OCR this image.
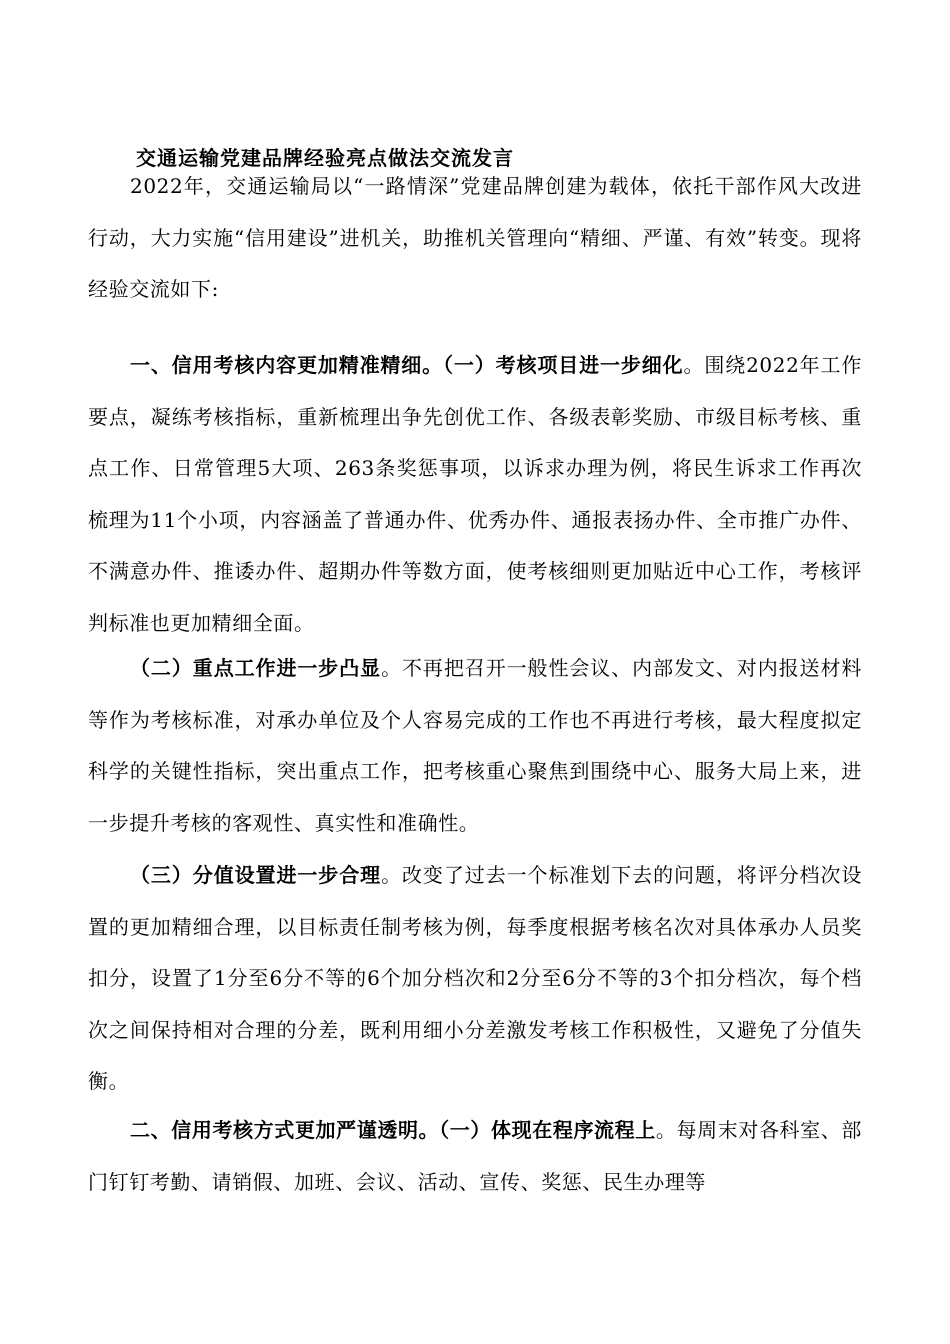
交通运输党建品牌经验亮点做法交流发言

2022年，交通运输局以“一路情深”党建品牌创建为载体，依托干部作风大改进行动，大力实施“信用建设”进机关，助推机关管理向“精细、严谨、有效”转变。现将经验交流如下:

一、信用考核内容更加精准精细。（一）考核项目进一步细化。围绕2022年工作要点，凝练考核指标，重新梳理出争先创优工作、各级表彰奖励、市级目标考核、重点工作、日常管理5大项、263条奖惩事项，以诉求办理为例，将民生诉求工作再次梳理为11个小项，内容涵盖了普通办件、优秀办件、通报表扬办件、全市推广办件、不满意办件、推诿办件、超期办件等数方面，使考核细则更加贴近中心工作，考核评判标准也更加精细全面。

（二）重点工作进一步凸显。不再把召开一般性会议、内部发文、对内报送材料等作为考核标准，对承办单位及个人容易完成的工作也不再进行考核，最大程度拟定科学的关键性指标，突出重点工作，把考核重心聚焦到围绕中心、服务大局上来，进一步提升考核的客观性、真实性和准确性。

（三）分值设置进一步合理。改变了过去一个标准划下去的问题，将评分档次设置的更加精细合理，以目标责任制考核为例，每季度根据考核名次对具体承办人员奖扣分，设置了1分至6分不等的6个加分档次和2分至6分不等的3个扣分档次，每个档次之间保持相对合理的分差，既利用细小分差激发考核工作积极性，又避免了分值失衡。

二、信用考核方式更加严谨透明。（一）体现在程序流程上。每周末对各科室、部门钉钉考勤、请销假、加班、会议、活动、宣传、奖惩、民生办理等
